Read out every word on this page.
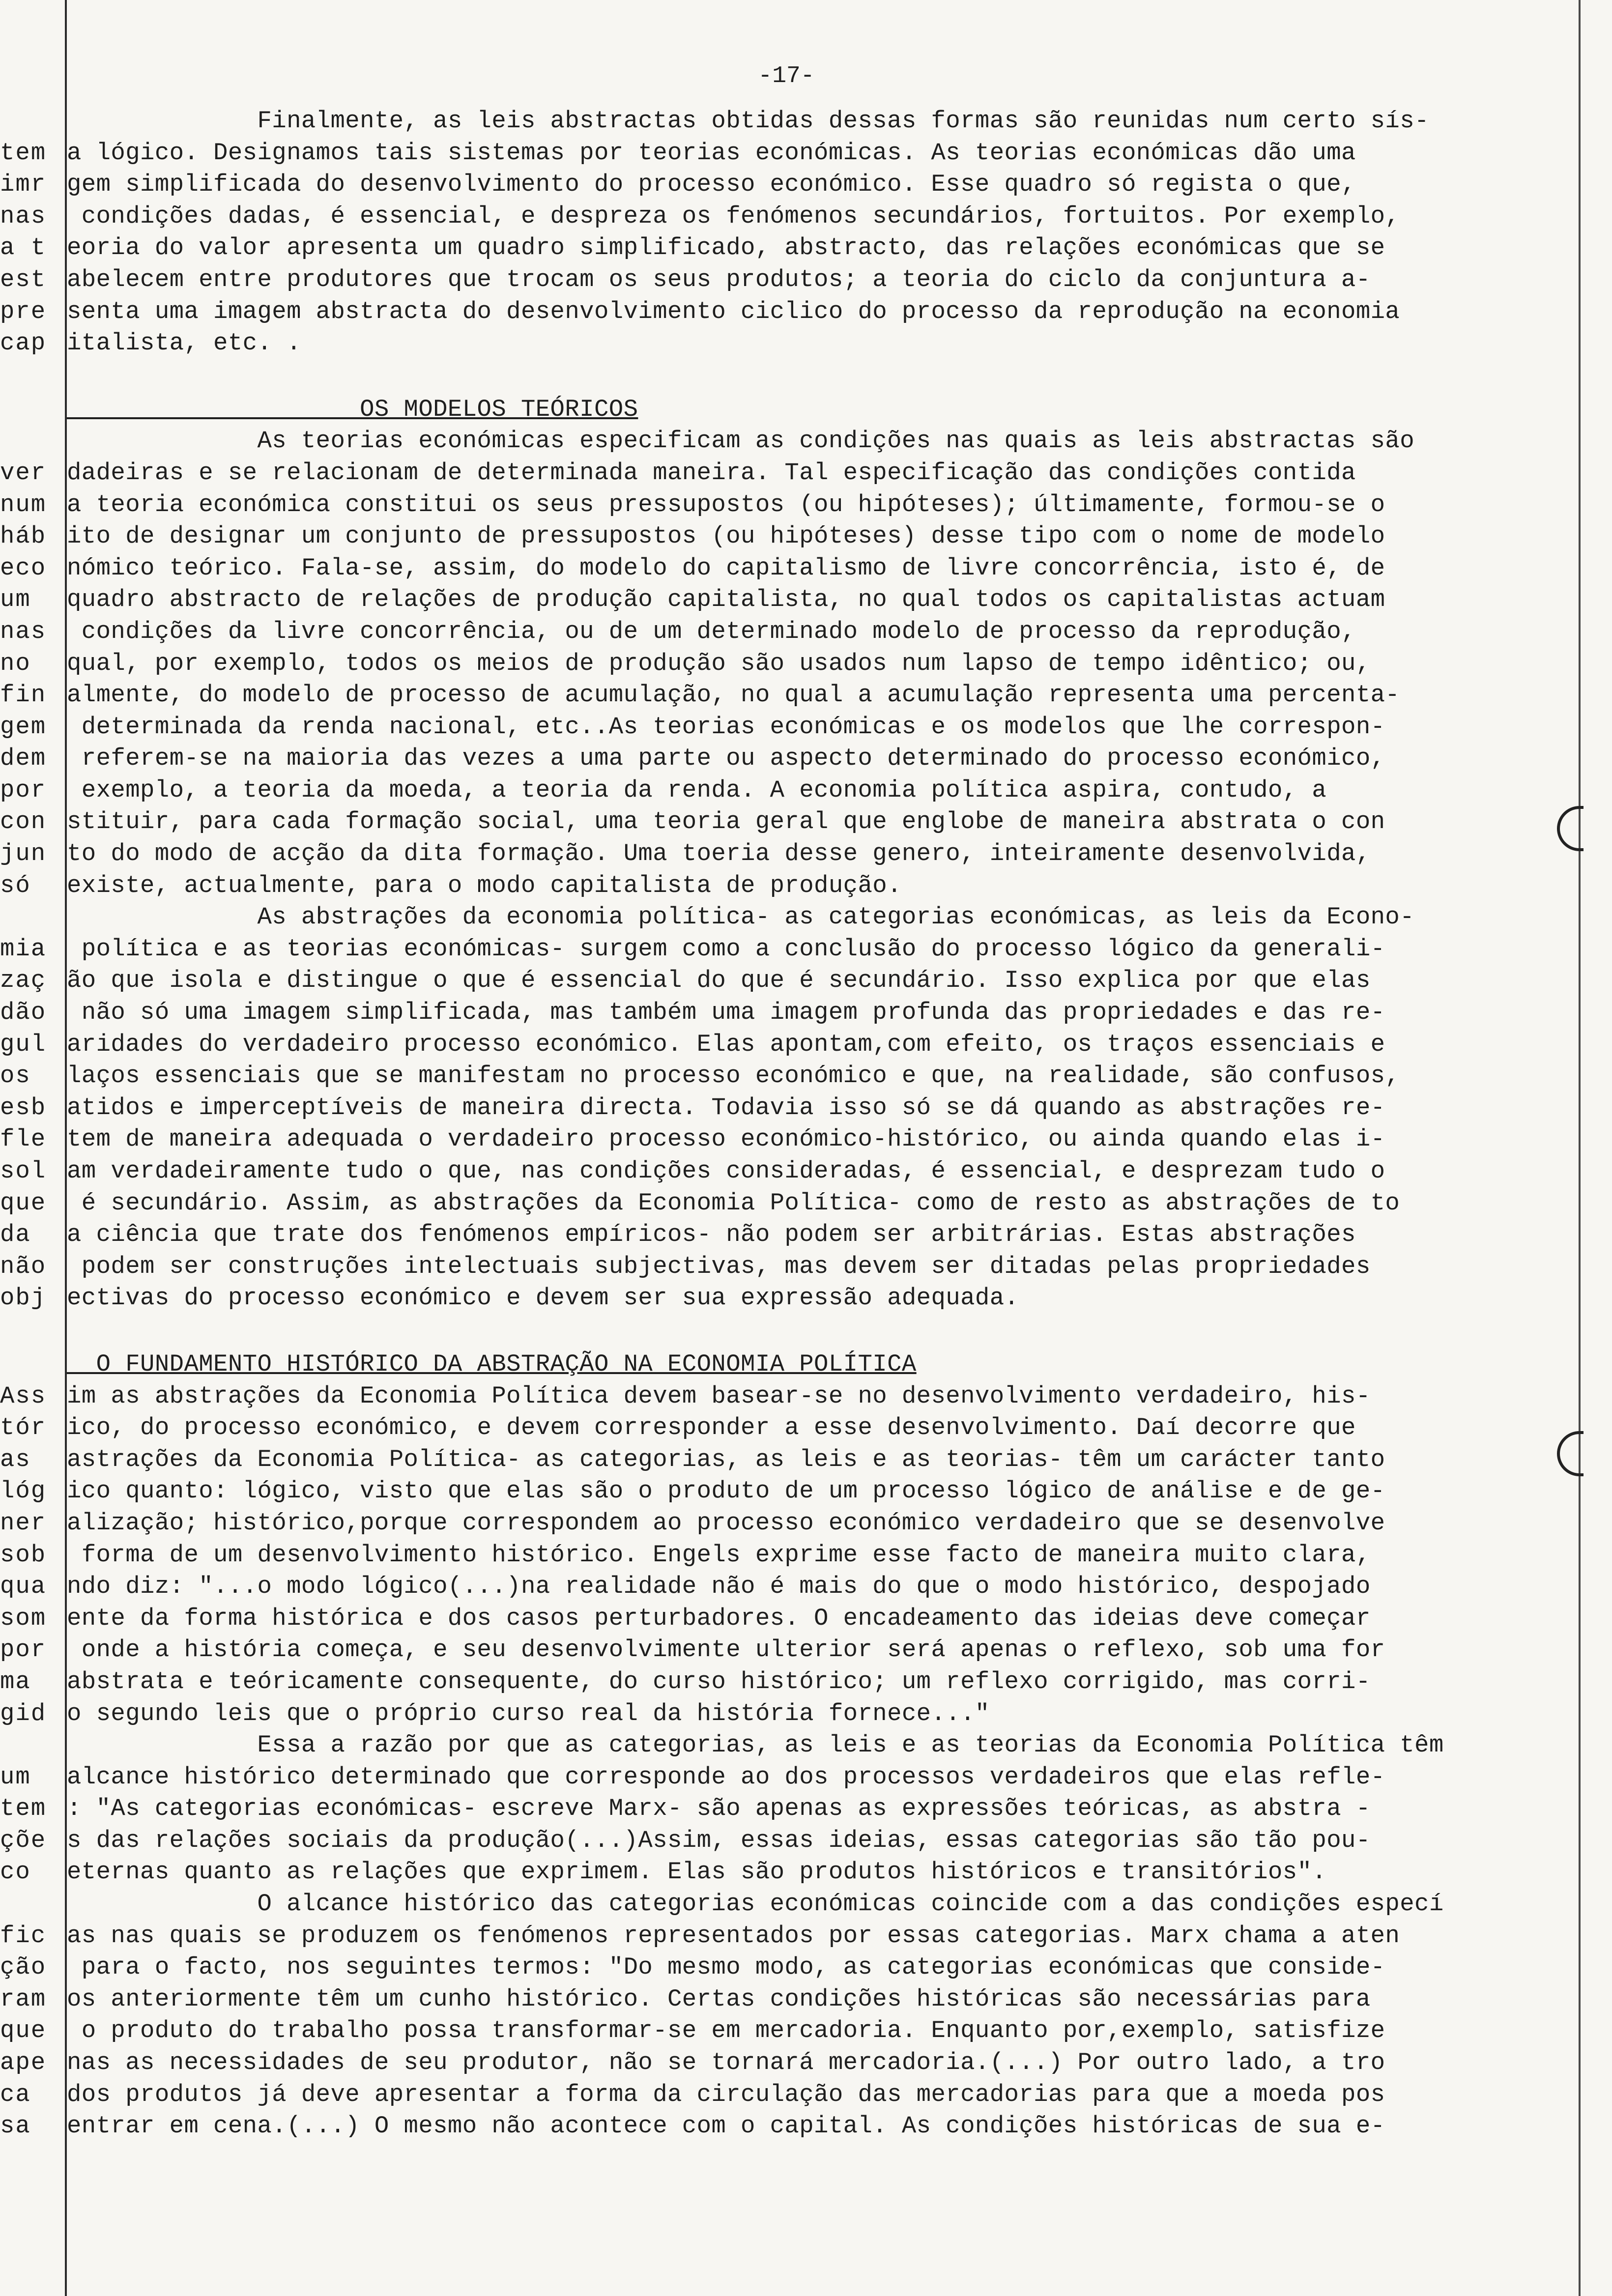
-17-
Finalmente, as leis abstractas obtidas dessas formas são reunidas num certo sís-
tem a lógico. Designamos tais sistemas por teorias económicas. As teorias económicas dão uma
imr gem simplificada do desenvolvimento do processo económico. Esse quadro só regista o que,
nas condições dadas, é essencial, e despreza os fenómenos secundários, fortuitos. Por exemplo,
a t eoria do valor apresenta um quadro simplificado, abstracto, das relações económicas que se
est abelecem entre produtores que trocam os seus produtos; a teoria do ciclo da conjuntura a-
pre senta uma imagem abstracta do desenvolvimento ciclico do processo da reprodução na economia
cap italista, etc. .
OS MODELOS TEÓRICOS
As teorias económicas especificam as condições nas quais as leis abstractas são
ver dadeiras e se relacionam de determinada maneira. Tal especificação das condições contida
num a teoria económica constitui os seus pressupostos (ou hipóteses); últimamente, formou-se o
háb ito de designar um conjunto de pressupostos (ou hipóteses) desse tipo com o nome de modelo
eco nómico teórico. Fala-se, assim, do modelo do capitalismo de livre concorrência, isto é, de
um quadro abstracto de relações de produção capitalista, no qual todos os capitalistas actuam
nas condições da livre concorrência, ou de um determinado modelo de processo da reprodução,
no qual, por exemplo, todos os meios de produção são usados num lapso de tempo idêntico; ou,
fin almente, do modelo de processo de acumulação, no qual a acumulação representa uma percenta-
gem determinada da renda nacional, etc..As teorias económicas e os modelos que lhe correspon-
dem referem-se na maioria das vezes a uma parte ou aspecto determinado do processo económico,
por exemplo, a teoria da moeda, a teoria da renda. A economia política aspira, contudo, a
con stituir, para cada formação social, uma teoria geral que englobe de maneira abstrata o con
jun to do modo de acção da dita formação. Uma toeria desse genero, inteiramente desenvolvida,
só existe, actualmente, para o modo capitalista de produção.
As abstrações da economia política- as categorias económicas, as leis da Econo-
mia política e as teorias económicas- surgem como a conclusão do processo lógico da generali-
zaç ão que isola e distingue o que é essencial do que é secundário. Isso explica por que elas
dão não só uma imagem simplificada, mas também uma imagem profunda das propriedades e das re-
gul aridades do verdadeiro processo económico. Elas apontam,com efeito, os traços essenciais e
os laços essenciais que se manifestam no processo económico e que, na realidade, são confusos,
esb atidos e imperceptíveis de maneira directa. Todavia isso só se dá quando as abstrações re-
fle tem de maneira adequada o verdadeiro processo económico-histórico, ou ainda quando elas i-
sol am verdadeiramente tudo o que, nas condições consideradas, é essencial, e desprezam tudo o
que é secundário. Assim, as abstrações da Economia Política- como de resto as abstrações de to
da a ciência que trate dos fenómenos empíricos- não podem ser arbitrárias. Estas abstrações
não podem ser construções intelectuais subjectivas, mas devem ser ditadas pelas propriedades
obj ectivas do processo económico e devem ser sua expressão adequada.
O FUNDAMENTO HISTÓRICO DA ABSTRAÇÃO NA ECONOMIA POLÍTICA
Ass im as abstrações da Economia Política devem basear-se no desenvolvimento verdadeiro, his-
tór ico, do processo económico, e devem corresponder a esse desenvolvimento. Daí decorre que
as astrações da Economia Política- as categorias, as leis e as teorias- têm um carácter tanto
lóg ico quanto: lógico, visto que elas são o produto de um processo lógico de análise e de ge-
ner alização; histórico,porque correspondem ao processo económico verdadeiro que se desenvolve
sob forma de um desenvolvimento histórico. Engels exprime esse facto de maneira muito clara,
qua ndo diz: "...o modo lógico(...)na realidade não é mais do que o modo histórico, despojado
som ente da forma histórica e dos casos perturbadores. O encadeamento das ideias deve começar
por onde a história começa, e seu desenvolvimente ulterior será apenas o reflexo, sob uma for
ma abstrata e teóricamente consequente, do curso histórico; um reflexo corrigido, mas corri-
gid o segundo leis que o próprio curso real da história fornece..."
Essa a razão por que as categorias, as leis e as teorias da Economia Política têm
um alcance histórico determinado que corresponde ao dos processos verdadeiros que elas refle-
tem : "As categorias económicas- escreve Marx- são apenas as expressões teóricas, as abstra -
çõe s das relações sociais da produção(...)Assim, essas ideias, essas categorias são tão pou-
co eternas quanto as relações que exprimem. Elas são produtos históricos e transitórios".
O alcance histórico das categorias económicas coincide com a das condições especí
fic as nas quais se produzem os fenómenos representados por essas categorias. Marx chama a aten
ção para o facto, nos seguintes termos: "Do mesmo modo, as categorias económicas que conside-
ram os anteriormente têm um cunho histórico. Certas condições históricas são necessárias para
que o produto do trabalho possa transformar-se em mercadoria. Enquanto por,exemplo, satisfize
ape nas as necessidades de seu produtor, não se tornará mercadoria.(...) Por outro lado, a tro
ca dos produtos já deve apresentar a forma da circulação das mercadorias para que a moeda pos
sa entrar em cena.(...) O mesmo não acontece com o capital. As condições históricas de sua e-
